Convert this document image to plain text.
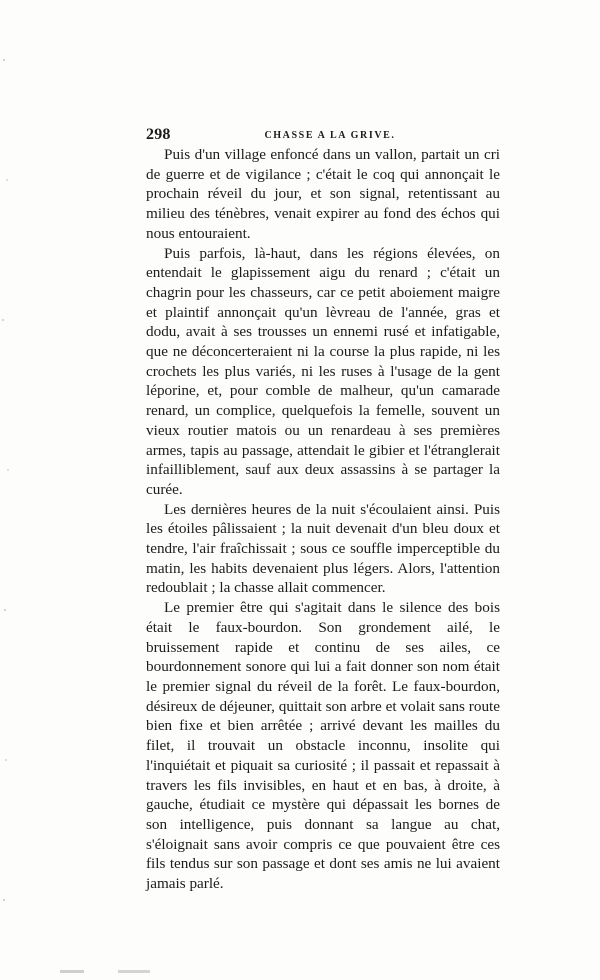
298	CHASSE A LA GRIVE.

Puis d'un village enfoncé dans un vallon, partait un cri de guerre et de vigilance ; c'était le coq qui annonçait le prochain réveil du jour, et son signal, retentissant au milieu des ténèbres, venait expirer au fond des échos qui nous entouraient.

Puis parfois, là-haut, dans les régions élevées, on entendait le glapissement aigu du renard ; c'était un chagrin pour les chasseurs, car ce petit aboiement maigre et plaintif annonçait qu'un lèvreau de l'année, gras et dodu, avait à ses trousses un ennemi rusé et infatigable, que ne déconcerteraient ni la course la plus rapide, ni les crochets les plus variés, ni les ruses à l'usage de la gent léporine, et, pour comble de malheur, qu'un camarade renard, un complice, quelquefois la femelle, souvent un vieux routier matois ou un renardeau à ses premières armes, tapis au passage, attendait le gibier et l'étranglerait infailliblement, sauf aux deux assassins à se partager la curée.

Les dernières heures de la nuit s'écoulaient ainsi. Puis les étoiles pâlissaient ; la nuit devenait d'un bleu doux et tendre, l'air fraîchissait ; sous ce souffle imperceptible du matin, les habits devenaient plus légers. Alors, l'attention redoublait ; la chasse allait commencer.

Le premier être qui s'agitait dans le silence des bois était le faux-bourdon. Son grondement ailé, le bruissement rapide et continu de ses ailes, ce bourdonnement sonore qui lui a fait donner son nom était le premier signal du réveil de la forêt. Le faux-bourdon, désireux de déjeuner, quittait son arbre et volait sans route bien fixe et bien arrêtée ; arrivé devant les mailles du filet, il trouvait un obstacle inconnu, insolite qui l'inquiétait et piquait sa curiosité ; il passait et repassait à travers les fils invisibles, en haut et en bas, à droite, à gauche, étudiait ce mystère qui dépassait les bornes de son intelligence, puis donnant sa langue au chat, s'éloignait sans avoir compris ce que pouvaient être ces fils tendus sur son passage et dont ses amis ne lui avaient jamais parlé.
